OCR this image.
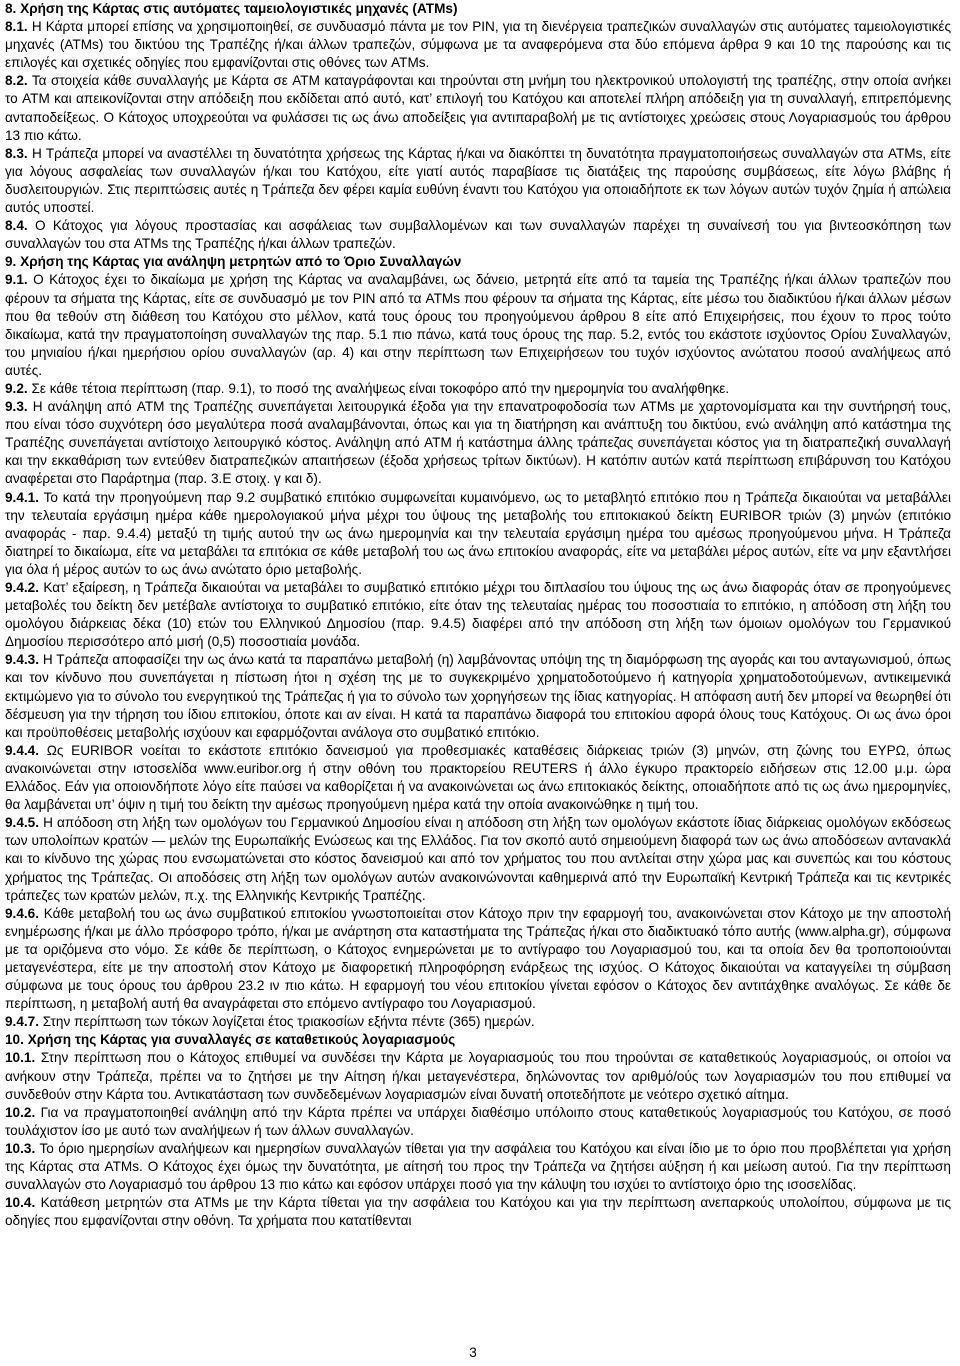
8. Χρήση της Κάρτας στις αυτόματες ταμειολογιστικές μηχανές (ATMs)

8.1. Η Κάρτα μπορεί επίσης να χρησιμοποιηθεί, σε συνδυασμό πάντα με τον PIN, για τη διενέργεια τραπεζικών συναλλαγών στις αυτόματες ταμειολογιστικές μηχανές (ATMs) του δικτύου της Τραπέζης ή/και άλλων τραπεζών, σύμφωνα με τα αναφερόμενα στα δύο επόμενα άρθρα 9 και 10 της παρούσης και τις επιλογές και σχετικές οδηγίες που εμφανίζονται στις οθόνες των ATMs.

8.2. Τα στοιχεία κάθε συναλλαγής με Κάρτα σε ATM καταγράφονται και τηρούνται στη μνήμη του ηλεκτρονικού υπολογιστή της τραπέζης, στην οποία ανήκει το ATM και απεικονίζονται στην απόδειξη που εκδίδεται από αυτό, κατ’ επιλογή του Κατόχου και αποτελεί πλήρη απόδειξη για τη συναλλαγή, επιτρεπόμενης ανταποδείξεως. Ο Κάτοχος υποχρεούται να φυλάσσει τις ως άνω αποδείξεις για αντιπαραβολή με τις αντίστοιχες χρεώσεις στους Λογαριασμούς του άρθρου 13 πιο κάτω.

8.3. Η Τράπεζα μπορεί να αναστέλλει τη δυνατότητα χρήσεως της Κάρτας ή/και να διακόπτει τη δυνατότητα πραγματοποιήσεως συναλλαγών στα ATMs, είτε για λόγους ασφαλείας των συναλλαγών ή/και του Κατόχου, είτε γιατί αυτός παραβίασε τις διατάξεις της παρούσης συμβάσεως, είτε λόγω βλάβης ή δυσλειτουργιών. Στις περιπτώσεις αυτές η Τράπεζα δεν φέρει καμία ευθύνη έναντι του Κατόχου για οποιαδήποτε εκ των λόγων αυτών τυχόν ζημία ή απώλεια αυτός υποστεί.

8.4. Ο Κάτοχος για λόγους προστασίας και ασφάλειας των συμβαλλομένων και των συναλλαγών παρέχει τη συναίνεσή του για βιντεοσκόπηση των συναλλαγών του στα ATMs της Τραπέζης ή/και άλλων τραπεζών.

9. Χρήση της Κάρτας για ανάληψη μετρητών από το Όριο Συναλλαγών

9.1. Ο Κάτοχος έχει το δικαίωμα με χρήση της Κάρτας να αναλαμβάνει, ως δάνειο, μετρητά είτε από τα ταμεία της Τραπέζης ή/και άλλων τραπεζών που φέρουν τα σήματα της Κάρτας, είτε σε συνδυασμό με τον PIN από τα ATMs που φέρουν τα σήματα της Κάρτας, είτε μέσω του διαδικτύου ή/και άλλων μέσων που θα τεθούν στη διάθεση του Κατόχου στο μέλλον, κατά τους όρους του προηγούμενου άρθρου 8 είτε από Επιχειρήσεις, που έχουν το προς τούτο δικαίωμα, κατά την πραγματοποίηση συναλλαγών της παρ. 5.1 πιο πάνω, κατά τους όρους της παρ. 5.2, εντός του εκάστοτε ισχύοντος Ορίου Συναλλαγών, του μηνιαίου ή/και ημερήσιου ορίου συναλλαγών (αρ. 4) και στην περίπτωση των Επιχειρήσεων του τυχόν ισχύοντος ανώτατου ποσού αναλήψεως από αυτές.

9.2. Σε κάθε τέτοια περίπτωση (παρ. 9.1), το ποσό της αναλήψεως είναι τοκοφόρο από την ημερομηνία του αναλήφθηκε.

9.3. Η ανάληψη από ATM της Τραπέζης συνεπάγεται λειτουργικά έξοδα για την επανατροφοδοσία των ATMs με χαρτονομίσματα και την συντήρησή τους, που είναι τόσο συχνότερη όσο μεγαλύτερα ποσά αναλαμβάνονται, όπως και για τη διατήρηση και ανάπτυξη του δικτύου, ενώ ανάληψη από κατάστημα της Τραπέζης συνεπάγεται αντίστοιχο λειτουργικό κόστος. Ανάληψη από ATM ή κατάστημα άλλης τράπεζας συνεπάγεται κόστος για τη διατραπεζική συναλλαγή και την εκκαθάριση των εντεύθεν διατραπεζικών απαιτήσεων (έξοδα χρήσεως τρίτων δικτύων). Η κατόπιν αυτών κατά περίπτωση επιβάρυνση του Κατόχου αναφέρεται στο Παράρτημα (παρ. 3.Ε στοιχ. γ και δ).

9.4.1. Το κατά την προηγούμενη παρ 9.2 συμβατικό επιτόκιο συμφωνείται κυμαινόμενο, ως το μεταβλητό επιτόκιο που η Τράπεζα δικαιούται να μεταβάλλει την τελευταία εργάσιμη ημέρα κάθε ημερολογιακού μήνα μέχρι του ύψους της μεταβολής του επιτοκιακού δείκτη EURIBOR τριών (3) μηνών (επιτόκιο αναφοράς - παρ. 9.4.4) μεταξύ τη τιμής αυτού την ως άνω ημερομηνία και την τελευταία εργάσιμη ημέρα του αμέσως προηγούμενου μήνα. Η Τράπεζα διατηρεί το δικαίωμα, είτε να μεταβάλει τα επιτόκια σε κάθε μεταβολή του ως άνω επιτοκίου αναφοράς, είτε να μεταβάλει μέρος αυτών, είτε να μην εξαντλήσει για όλα ή μέρος αυτών το ως άνω ανώτατο όριο μεταβολής.

9.4.2. Κατ’ εξαίρεση, η Τράπεζα δικαιούται να μεταβάλει το συμβατικό επιτόκιο μέχρι του διπλασίου του ύψους της ως άνω διαφοράς όταν σε προηγούμενες μεταβολές του δείκτη δεν μετέβαλε αντίστοιχα το συμβατικό επιτόκιο, είτε όταν της τελευταίας ημέρας του ποσοστιαία το επιτόκιο, η απόδοση στη λήξη του ομολόγου διάρκειας δέκα (10) ετών του Ελληνικού Δημοσίου (παρ. 9.4.5) διαφέρει από την απόδοση στη λήξη των όμοιων ομολόγων του Γερμανικού Δημοσίου περισσότερο από μισή (0,5) ποσοστιαία μονάδα.

9.4.3. Η Τράπεζα αποφασίζει την ως άνω κατά τα παραπάνω μεταβολή (η) λαμβάνοντας υπόψη της τη διαμόρφωση της αγοράς και του ανταγωνισμού, όπως και τον κίνδυνο που συνεπάγεται η πίστωση ήτοι η σχέση της με το συγκεκριμένο χρηματοδοτούμενο ή κατηγορία χρηματοδοτούμενων, αντικειμενικά εκτιμώμενο για το σύνολο του ενεργητικού της Τράπεζας ή για το σύνολο των χορηγήσεων της ίδιας κατηγορίας. Η απόφαση αυτή δεν μπορεί να θεωρηθεί ότι δέσμευση για την τήρηση του ίδιου επιτοκίου, όποτε και αν είναι. Η κατά τα παραπάνω διαφορά του επιτοκίου αφορά όλους τους Κατόχους. Οι ως άνω όροι και προϋποθέσεις μεταβολής ισχύουν και εφαρμόζονται ανάλογα στο συμβατικό επιτόκιο.

9.4.4. Ως EURIBOR νοείται το εκάστοτε επιτόκιο δανεισμού για προθεσμιακές καταθέσεις διάρκειας τριών (3) μηνών, στη ζώνης του ΕΥΡΩ, όπως ανακοινώνεται στην ιστοσελίδα www.euribor.org ή στην οθόνη του πρακτορείου REUTERS ή άλλο έγκυρο πρακτορείο ειδήσεων στις 12.00 μ.μ. ώρα Ελλάδος. Εάν για οποιονδήποτε λόγο είτε παύσει να καθορίζεται ή να ανακοινώνεται ως άνω επιτοκιακός δείκτης, οποιαδήποτε από τις ως άνω ημερομηνίες, θα λαμβάνεται υπ’ όψιν η τιμή του δείκτη την αμέσως προηγούμενη ημέρα κατά την οποία ανακοινώθηκε η τιμή του.

9.4.5. Η απόδοση στη λήξη των ομολόγων του Γερμανικού Δημοσίου είναι η απόδοση στη λήξη των ομολόγων εκάστοτε ίδιας διάρκειας ομολόγων εκδόσεως των υπολοίπων κρατών — μελών της Ευρωπαϊκής Ενώσεως και της Ελλάδος. Για τον σκοπό αυτό σημειούμενη διαφορά των ως άνω αποδόσεων αντανακλά και το κίνδυνο της χώρας που ενσωματώνεται στο κόστος δανεισμού και από τον χρήματος του που αντλείται στην χώρα μας και συνεπώς και του κόστους χρήματος της Τράπεζας. Οι αποδόσεις στη λήξη των ομολόγων αυτών ανακοινώνονται καθημερινά από την Ευρωπαϊκή Κεντρική Τράπεζα και τις κεντρικές τράπεζες των κρατών μελών, π.χ. της Ελληνικής Κεντρικής Τραπέζης.

9.4.6. Κάθε μεταβολή του ως άνω συμβατικού επιτοκίου γνωστοποιείται στον Κάτοχο πριν την εφαρμογή του, ανακοινώνεται στον Κάτοχο με την αποστολή ενημέρωσης ή/και με άλλο πρόσφορο τρόπο, ή/και με ανάρτηση στα καταστήματα της Τράπεζας ή/και στο διαδικτυακό τόπο αυτής (www.alpha.gr), σύμφωνα με τα οριζόμενα στο νόμο. Σε κάθε δε περίπτωση, ο Κάτοχος ενημερώνεται με το αντίγραφο του Λογαριασμού του, και τα οποία δεν θα τροποποιούνται μεταγενέστερα, είτε με την αποστολή στον Κάτοχο με διαφορετική πληροφόρηση ενάρξεως της ισχύος. Ο Κάτοχος δικαιούται να καταγγείλει τη σύμβαση σύμφωνα με τους όρους του άρθρου 23.2 ιν πιο κάτω. Η εφαρμογή του νέου επιτοκίου γίνεται εφόσον ο Κάτοχος δεν αντιτάχθηκε αναλόγως. Σε κάθε δε περίπτωση, η μεταβολή αυτή θα αναγράφεται στο επόμενο αντίγραφο του Λογαριασμού.

9.4.7. Στην περίπτωση των τόκων λογίζεται έτος τριακοσίων εξήντα πέντε (365) ημερών.

10. Χρήση της Κάρτας για συναλλαγές σε καταθετικούς λογαριασμούς

10.1. Στην περίπτωση που ο Κάτοχος επιθυμεί να συνδέσει την Κάρτα με λογαριασμούς του που τηρούνται σε καταθετικούς λογαριασμούς, οι οποίοι να ανήκουν στην Τράπεζα, πρέπει να το ζητήσει με την Αίτηση ή/και μεταγενέστερα, δηλώνοντας τον αριθμό/ούς των λογαριασμών του που επιθυμεί να συνδεθούν στην Κάρτα του. Αντικατάσταση των συνδεδεμένων λογαριασμών είναι δυνατή οποτεδήποτε με νεότερο σχετικό αίτημα.

10.2. Για να πραγματοποιηθεί ανάληψη από την Κάρτα πρέπει να υπάρχει διαθέσιμο υπόλοιπο στους καταθετικούς λογαριασμούς του Κατόχου, σε ποσό τουλάχιστον ίσο με αυτό των αναλήψεων ή των άλλων συναλλαγών.

10.3. Το όριο ημερησίων αναλήψεων και ημερησίων συναλλαγών τίθεται για την ασφάλεια του Κατόχου και είναι ίδιο με το όριο που προβλέπεται για χρήση της Κάρτας στα ATMs. Ο Κάτοχος έχει όμως την δυνατότητα, με αίτησή του προς την Τράπεζα να ζητήσει αύξηση ή και μείωση αυτού. Για την περίπτωση συναλλαγών στο Λογαριασμό του άρθρου 13 πιο κάτω και εφόσον υπάρχει ποσό για την κάλυψη του ισχύει το αντίστοιχο όριο της ισοσελίδας.

10.4. Κατάθεση μετρητών στα ATMs με την Κάρτα τίθεται για την ασφάλεια του Κατόχου και για την περίπτωση ανεπαρκούς υπολοίπου, σύμφωνα με τις οδηγίες που εμφανίζονται στην οθόνη. Τα χρήματα που κατατίθενται

3
